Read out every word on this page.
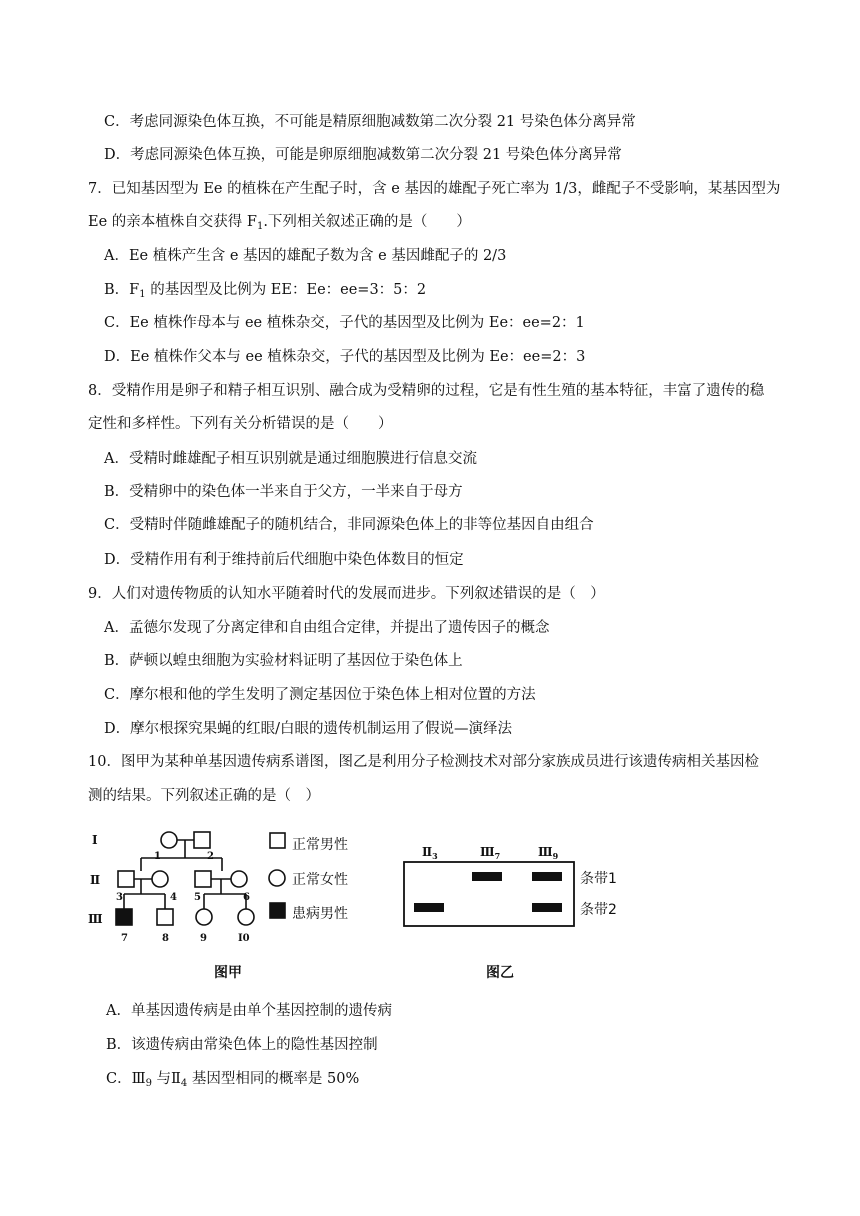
C．考虑同源染色体互换，不可能是精原细胞减数第二次分裂 21 号染色体分离异常
D．考虑同源染色体互换，可能是卵原细胞减数第二次分裂 21 号染色体分离异常
7．已知基因型为 Ee 的植株在产生配子时，含 e 基因的雄配子死亡率为 1/3，雌配子不受影响，某基因型为
Ee 的亲本植株自交获得 $F_1$.下列相关叙述正确的是（　　）
A．Ee 植株产生含 e 基因的雄配子数为含 e 基因雌配子的 2/3
B．$F_1$ 的基因型及比例为 EE：Ee：ee=3：5：2
C．Ee 植株作母本与 ee 植株杂交，子代的基因型及比例为 Ee：ee=2：1
D．Ee 植株作父本与 ee 植株杂交，子代的基因型及比例为 Ee：ee=2：3
8．受精作用是卵子和精子相互识别、融合成为受精卵的过程，它是有性生殖的基本特征，丰富了遗传的稳
定性和多样性。下列有关分析错误的是（　　）
A．受精时雌雄配子相互识别就是通过细胞膜进行信息交流
B．受精卵中的染色体一半来自于父方，一半来自于母方
C．受精时伴随雌雄配子的随机结合，非同源染色体上的非等位基因自由组合
D．受精作用有利于维持前后代细胞中染色体数目的恒定
9．人们对遗传物质的认知水平随着时代的发展而进步。下列叙述错误的是（　）
A．孟德尔发现了分离定律和自由组合定律，并提出了遗传因子的概念
B．萨顿以蝗虫细胞为实验材料证明了基因位于染色体上
C．摩尔根和他的学生发明了测定基因位于染色体上相对位置的方法
D．摩尔根探究果蝇的红眼/白眼的遗传机制运用了假说—演绎法
10．图甲为某种单基因遗传病系谱图，图乙是利用分子检测技术对部分家族成员进行该遗传病相关基因检
测的结果。下列叙述正确的是（　）
I
Ⅱ
Ⅲ
1	2
3	4 5	6
7	8	9	I0
正常男性
正常女性
患病男性
图甲
$Ⅱ_3$	$Ⅲ_7$	$Ⅲ_9$
条带1
条带2
图乙
A．单基因遗传病是由单个基因控制的遗传病
B．该遗传病由常染色体上的隐性基因控制
C．$Ⅲ_9$ 与$Ⅱ_4$ 基因型相同的概率是 50%
